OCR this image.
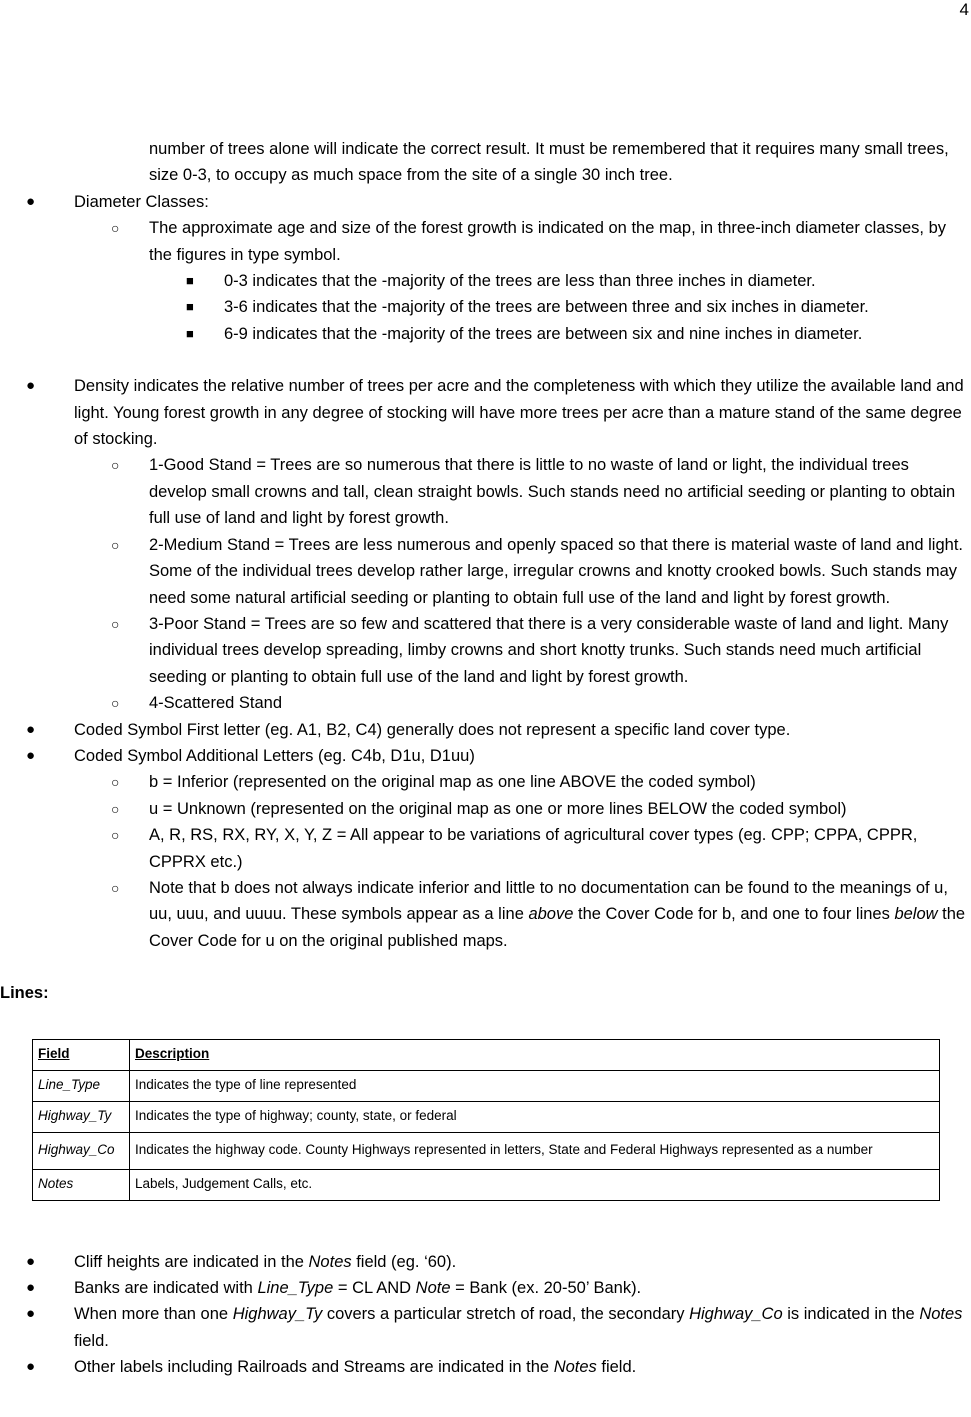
4
number of trees alone will indicate the correct result. It must be remembered that it requires many small trees, size 0-3, to occupy as much space from the site of a single 30 inch tree.
● Diameter Classes:
○ The approximate age and size of the forest growth is indicated on the map, in three-inch diameter classes, by the figures in type symbol.
■ 0-3 indicates that the -majority of the trees are less than three inches in diameter.
■ 3-6 indicates that the -majority of the trees are between three and six inches in diameter.
■ 6-9 indicates that the -majority of the trees are between six and nine inches in diameter.
● Density indicates the relative number of trees per acre and the completeness with which they utilize the available land and light. Young forest growth in any degree of stocking will have more trees per acre than a mature stand of the same degree of stocking.
○ 1-Good Stand = Trees are so numerous that there is little to no waste of land or light, the individual trees develop small crowns and tall, clean straight bowls. Such stands need no artificial seeding or planting to obtain full use of land and light by forest growth.
○ 2-Medium Stand = Trees are less numerous and openly spaced so that there is material waste of land and light. Some of the individual trees develop rather large, irregular crowns and knotty crooked bowls. Such stands may need some natural artificial seeding or planting to obtain full use of the land and light by forest growth.
○ 3-Poor Stand = Trees are so few and scattered that there is a very considerable waste of land and light. Many individual trees develop spreading, limby crowns and short knotty trunks. Such stands need much artificial seeding or planting to obtain full use of the land and light by forest growth.
○ 4-Scattered Stand
● Coded Symbol First letter (eg. A1, B2, C4) generally does not represent a specific land cover type.
● Coded Symbol Additional Letters (eg. C4b, D1u, D1uu)
○ b = Inferior (represented on the original map as one line ABOVE the coded symbol)
○ u = Unknown (represented on the original map as one or more lines BELOW the coded symbol)
○ A, R, RS, RX, RY, X, Y, Z = All appear to be variations of agricultural cover types (eg. CPP; CPPA, CPPR, CPPRX etc.)
○ Note that b does not always indicate inferior and little to no documentation can be found to the meanings of u, uu, uuu, and uuuu. These symbols appear as a line above the Cover Code for b, and one to four lines below the Cover Code for u on the original published maps.
Lines:
Field	Description
Line_Type	Indicates the type of line represented
Highway_Ty	Indicates the type of highway; county, state, or federal
Highway_Co	Indicates the highway code. County Highways represented in letters, State and Federal Highways represented as a number
Notes	Labels, Judgement Calls, etc.
● Cliff heights are indicated in the Notes field (eg. ‘60).
● Banks are indicated with Line_Type = CL AND Note = Bank (ex. 20-50’ Bank).
● When more than one Highway_Ty covers a particular stretch of road, the secondary Highway_Co is indicated in the Notes field.
● Other labels including Railroads and Streams are indicated in the Notes field.
